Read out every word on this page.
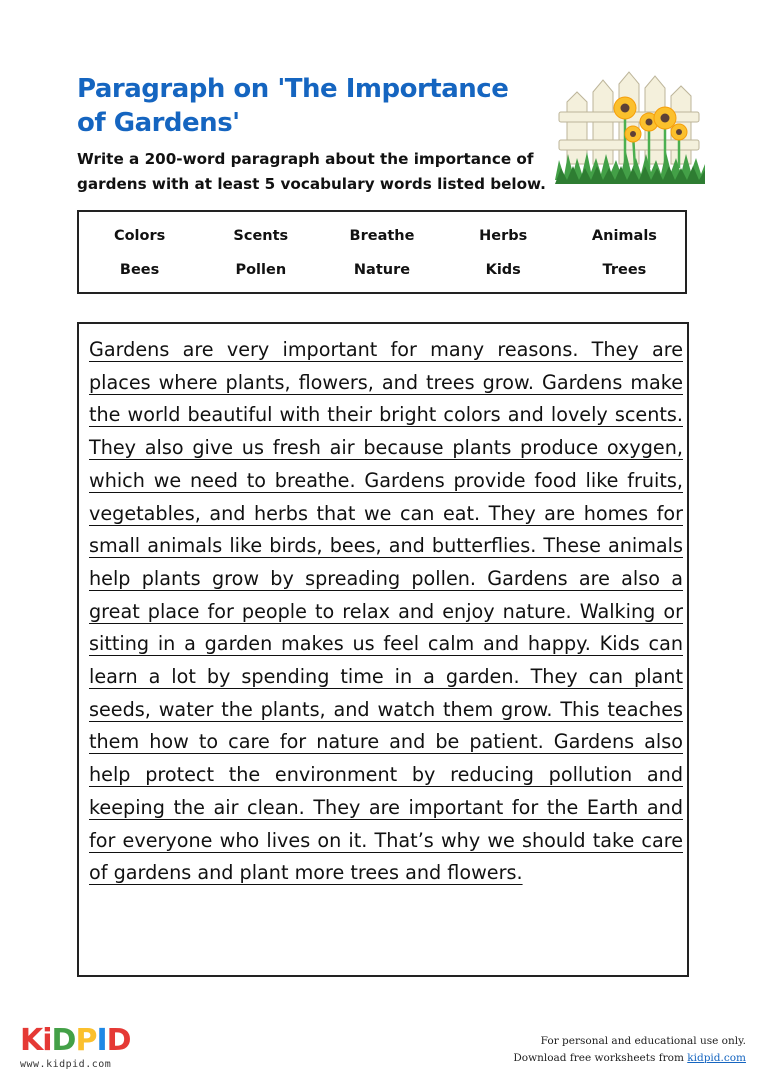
Paragraph on 'The Importance of Gardens'
Write a 200-word paragraph about the importance of gardens with at least 5 vocabulary words listed below.
Colors	Scents	Breathe	Herbs	Animals
Bees	Pollen	Nature	Kids	Trees
Gardens are very important for many reasons. They are places where plants, flowers, and trees grow. Gardens make the world beautiful with their bright colors and lovely scents. They also give us fresh air because plants produce oxygen, which we need to breathe. Gardens provide food like fruits, vegetables, and herbs that we can eat. They are homes for small animals like birds, bees, and butterflies. These animals help plants grow by spreading pollen. Gardens are also a great place for people to relax and enjoy nature. Walking or sitting in a garden makes us feel calm and happy. Kids can learn a lot by spending time in a garden. They can plant seeds, water the plants, and watch them grow. This teaches them how to care for nature and be patient. Gardens also help protect the environment by reducing pollution and keeping the air clean. They are important for the Earth and for everyone who lives on it. That’s why we should take care of gardens and plant more trees and flowers.
KiDPID
www.kidpid.com
For personal and educational use only.
Download free worksheets from kidpid.com
